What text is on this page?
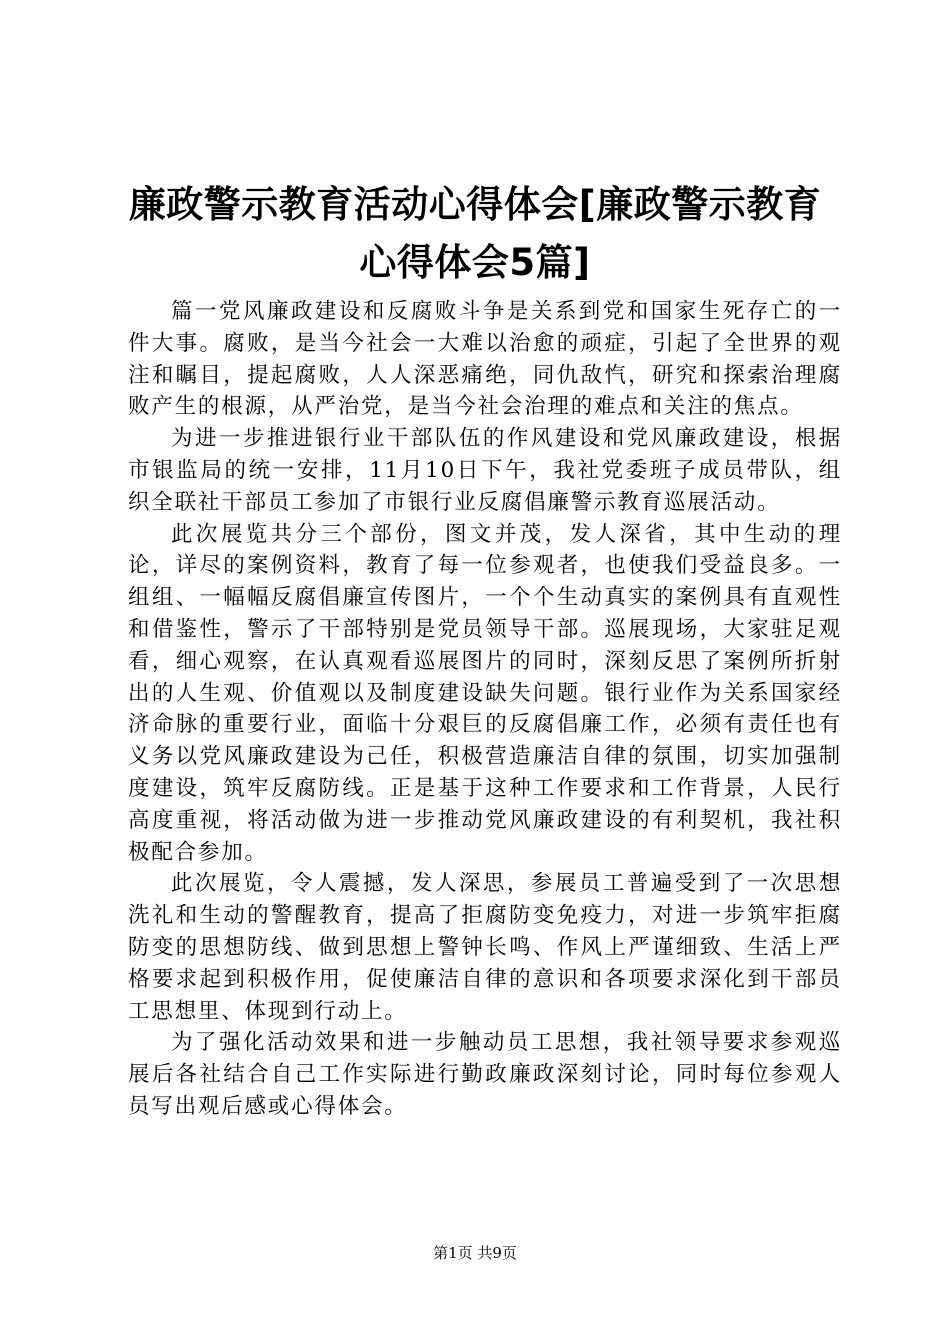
廉政警示教育活动心得体会[廉政警示教育心得体会5篇]

篇一党风廉政建设和反腐败斗争是关系到党和国家生死存亡的一件大事。腐败，是当今社会一大难以治愈的顽症，引起了全世界的观注和瞩目，提起腐败，人人深恶痛绝，同仇敌忾，研究和探索治理腐败产生的根源，从严治党，是当今社会治理的难点和关注的焦点。

为进一步推进银行业干部队伍的作风建设和党风廉政建设，根据市银监局的统一安排，11月10日下午，我社党委班子成员带队，组织全联社干部员工参加了市银行业反腐倡廉警示教育巡展活动。

此次展览共分三个部份，图文并茂，发人深省，其中生动的理论，详尽的案例资料，教育了每一位参观者，也使我们受益良多。一组组、一幅幅反腐倡廉宣传图片，一个个生动真实的案例具有直观性和借鉴性，警示了干部特别是党员领导干部。巡展现场，大家驻足观看，细心观察，在认真观看巡展图片的同时，深刻反思了案例所折射出的人生观、价值观以及制度建设缺失问题。银行业作为关系国家经济命脉的重要行业，面临十分艰巨的反腐倡廉工作，必须有责任也有义务以党风廉政建设为己任，积极营造廉洁自律的氛围，切实加强制度建设，筑牢反腐防线。正是基于这种工作要求和工作背景，人民行高度重视，将活动做为进一步推动党风廉政建设的有利契机，我社积极配合参加。

此次展览，令人震撼，发人深思，参展员工普遍受到了一次思想洗礼和生动的警醒教育，提高了拒腐防变免疫力，对进一步筑牢拒腐防变的思想防线、做到思想上警钟长鸣、作风上严谨细致、生活上严格要求起到积极作用，促使廉洁自律的意识和各项要求深化到干部员工思想里、体现到行动上。

为了强化活动效果和进一步触动员工思想，我社领导要求参观巡展后各社结合自己工作实际进行勤政廉政深刻讨论，同时每位参观人员写出观后感或心得体会。

第1页 共9页
